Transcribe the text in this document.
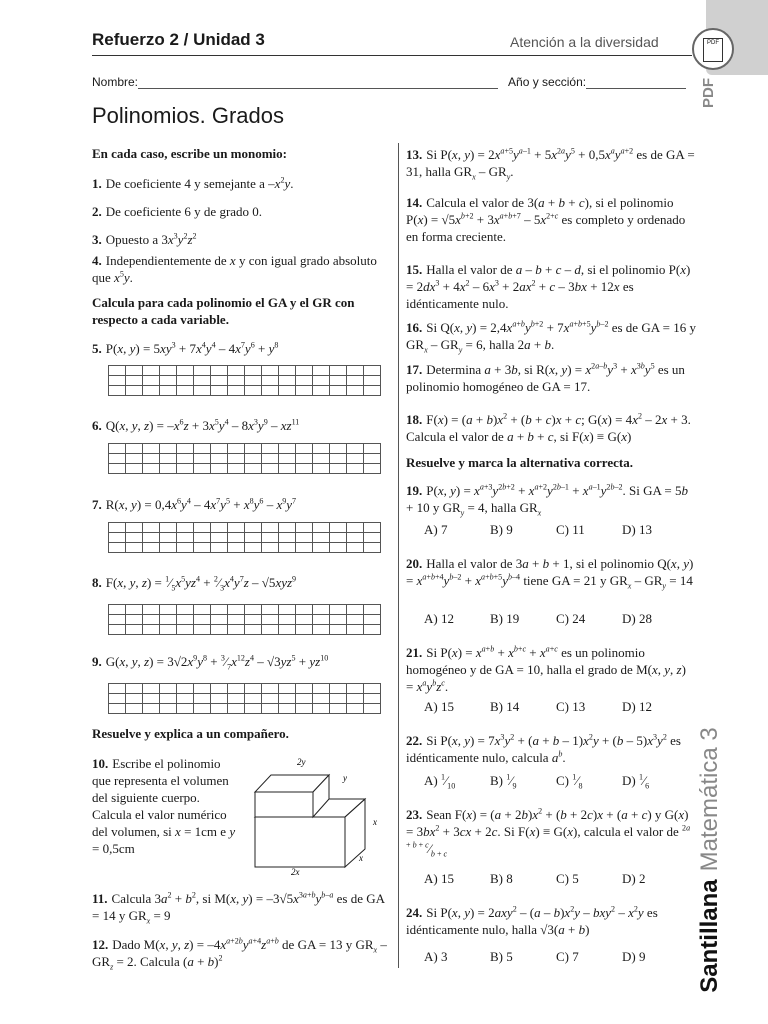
Refuerzo 2 / Unidad 3	Atención a la diversidad
Nombre:	Año y sección:
Polinomios. Grados
PDF
PDF
SantillanaMatemática 3
En cada caso, escribe un monomio:
1. De coeficiente 4 y semejante a $-x^2y$.
2. De coeficiente 6 y de grado 0.
3. Opuesto a $3x^3y^2z^2$
4. Independientemente de x y con igual grado absoluto que $x^5y$.
Calcula para cada polinomio el GA y el GR con respecto a cada variable.
5. P(x, $y) = 5xy^3 + 7x^4y^4 - 4x^7y^6 + y^8$

6. Q(x, y, $z) = -x^6z + 3x^5y^4 - 8x^3y^9 - xz^{11}$

7. R(x, $y) = 0,4x^6y^4 - 4x^7y^5 + x^8y^6 - x^9y^7$

8. F(x, y, $z) = ^1⁄_5x^5yz^4$ + $^2⁄_3x^4y^7z - √5xyz^9$

9. G(x, y, $z) = 3√2x^9y^8$ + $^3⁄_7x^{12}z^4 - √3yz^5 + yz^{10}$

Resuelve y explica a un compañero.
10. Escribe el polinomio que representa el volumen del siguiente cuerpo. Calcula el valor numérico del volumen, si x = 1cm e y = 0,5cm
2y
y
x
x
2x
11. Calcula $3a^2 + b^2$, si M(x, $y) = -3√5x^{3a+b}y^{b-a}$ es de GA = 14 y $GR_x = 9$
12. Dado M(x, y, $z) = -4x^{a+2b}y^{a+4}z^{a+b}$ de GA = 13 y $GR_x - GR_z = 2$. Calcula $(a + b)^2$
13. Si P(x, $y) = 2x^{a+5}y^{a-1} + 5x^{2a}y^5 + 0,5x^ay^{a+2}$ es de GA = 31, halla $GR_x - GR_y$.
14. Calcula el valor de 3(a + b + c), si el polinomio $P(x) = √5x^{b+2} + 3x^{a+b+7} - 5x^{2+c}$ es completo y ordenado en forma creciente.
15. Halla el valor de a – b + c – d, si el polinomio $P(x) = 2dx^3 + 4x^2 - 6x^3 + 2ax^2 + c - 3bx + 12x$ es idénticamente nulo.
16. Si Q(x, $y) = 2,4x^{a+b}y^{b+2} + 7x^{a+b+5}y^{b-2}$ es de GA = 16 y $GR_x - GR_y = 6$, halla 2a + b.
17. Determina a + 3b, si R(x, $y) = x^{2a-b}y^3 + x^{3b}y^5$ es un polinomio homogéneo de GA = 17.
18. $F(x) = (a + b)x^2 + (b + c)x + c$; $G(x) = 4x^2 - 2x + 3$. Calcula el valor de a + b + c, si F(x) ≡ G(x)
Resuelve y marca la alternativa correcta.
19. P(x, $y) = x^{a+3}y^{2b+2} + x^{a+2}y^{2b-1} + x^{a-1}y^{2b-2}$. Si GA = 5b + 10 y $GR_y = 4$, halla $GR_x$
A) 7	B) 9	C) 11	D) 13
20. Halla el valor de 3a + b + 1, si el polinomio Q(x, $y) = x^{a+b+4}y^{b-2} + x^{a+b+5}y^{b-4}$ tiene GA = 21 y $GR_x - GR_y = 14$
A) 12	B) 19	C) 24	D) 28
21. Si $P(x) = x^{a+b} + x^{b+c} + x^{a+c}$ es un polinomio homogéneo y de GA = 10, halla el grado de M(x, y, $z) = x^ay^bz^c$.
A) 15	B) 14	C) 13	D) 12
22. Si P(x, $y) = 7x^3y^2 + (a + b - 1)x^2y + (b - 5)x^3y^2$ es idénticamente nulo, calcula $a^b$.
A) $^1⁄_{10}$	B) $^1⁄_9$	C) $^1⁄_8$	D) $^1⁄_6$
23. Sean $F(x) = (a + 2b)x^2 + (b + 2c)x + (a + c)$ y $G(x) = 3bx^2 + 3cx + 2c$. Si F(x) ≡ G(x), calcula el valor de $^{2a + b + c}⁄_{b + c}$
A) 15	B) 8	C) 5	D) 2
24. Si P(x, $y) = 2axy^2 - (a - b)x^2y - bxy^2 - x^2y$ es idénticamente nulo, halla √3(a + b)
A) 3	B) 5	C) 7	D) 9
